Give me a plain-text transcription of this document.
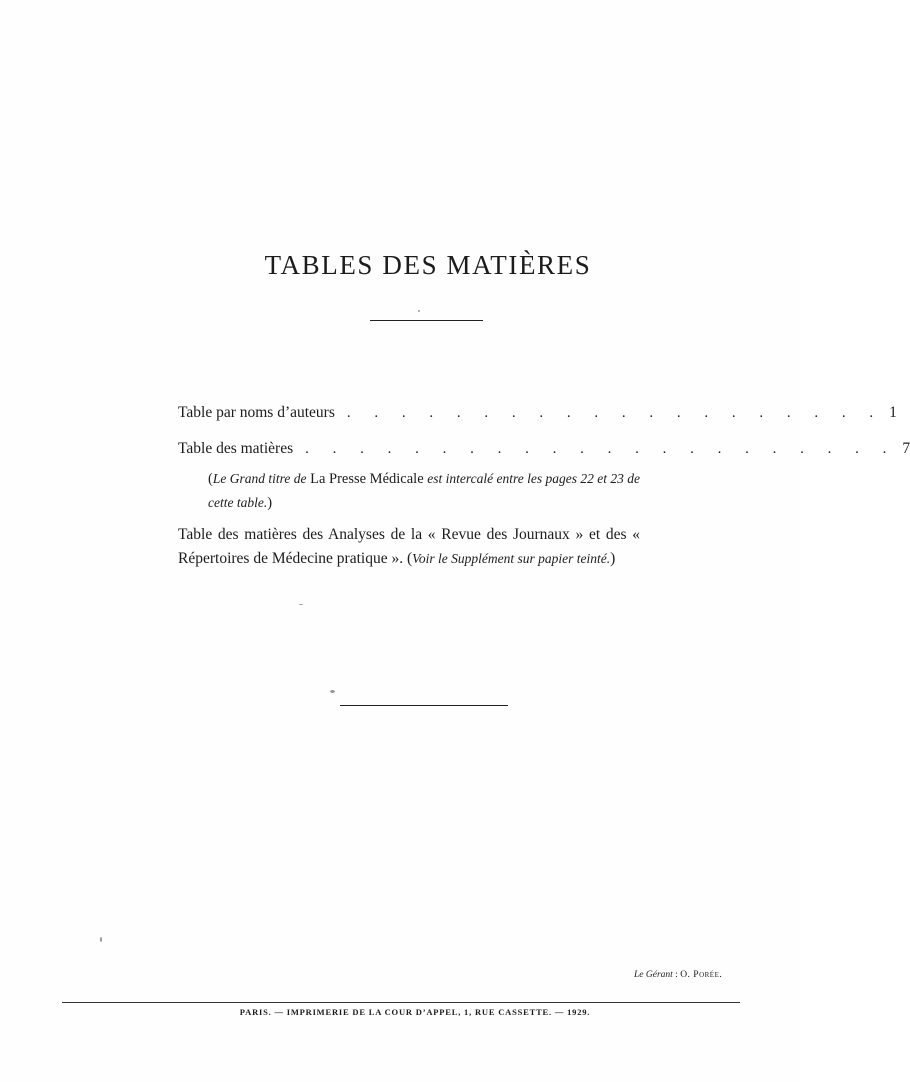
TABLES DES MATIÈRES
Table par noms d’auteurs . . . . . . . . . . . . . . . . . . . . 1
Table des matières . . . . . . . . . . . . . . . . . . . . . . 7
(Le Grand titre de La Presse Médicale est intercalé entre les pages 22 et 23 de cette table.)
Table des matières des Analyses de la « Revue des Journaux » et des « Répertoires de Médecine pratique ». (Voir le Supplément sur papier teinté.)
Le Gérant : O. Porée.
PARIS. — IMPRIMERIE DE LA COUR D’APPEL, 1, RUE CASSETTE. — 1929.
